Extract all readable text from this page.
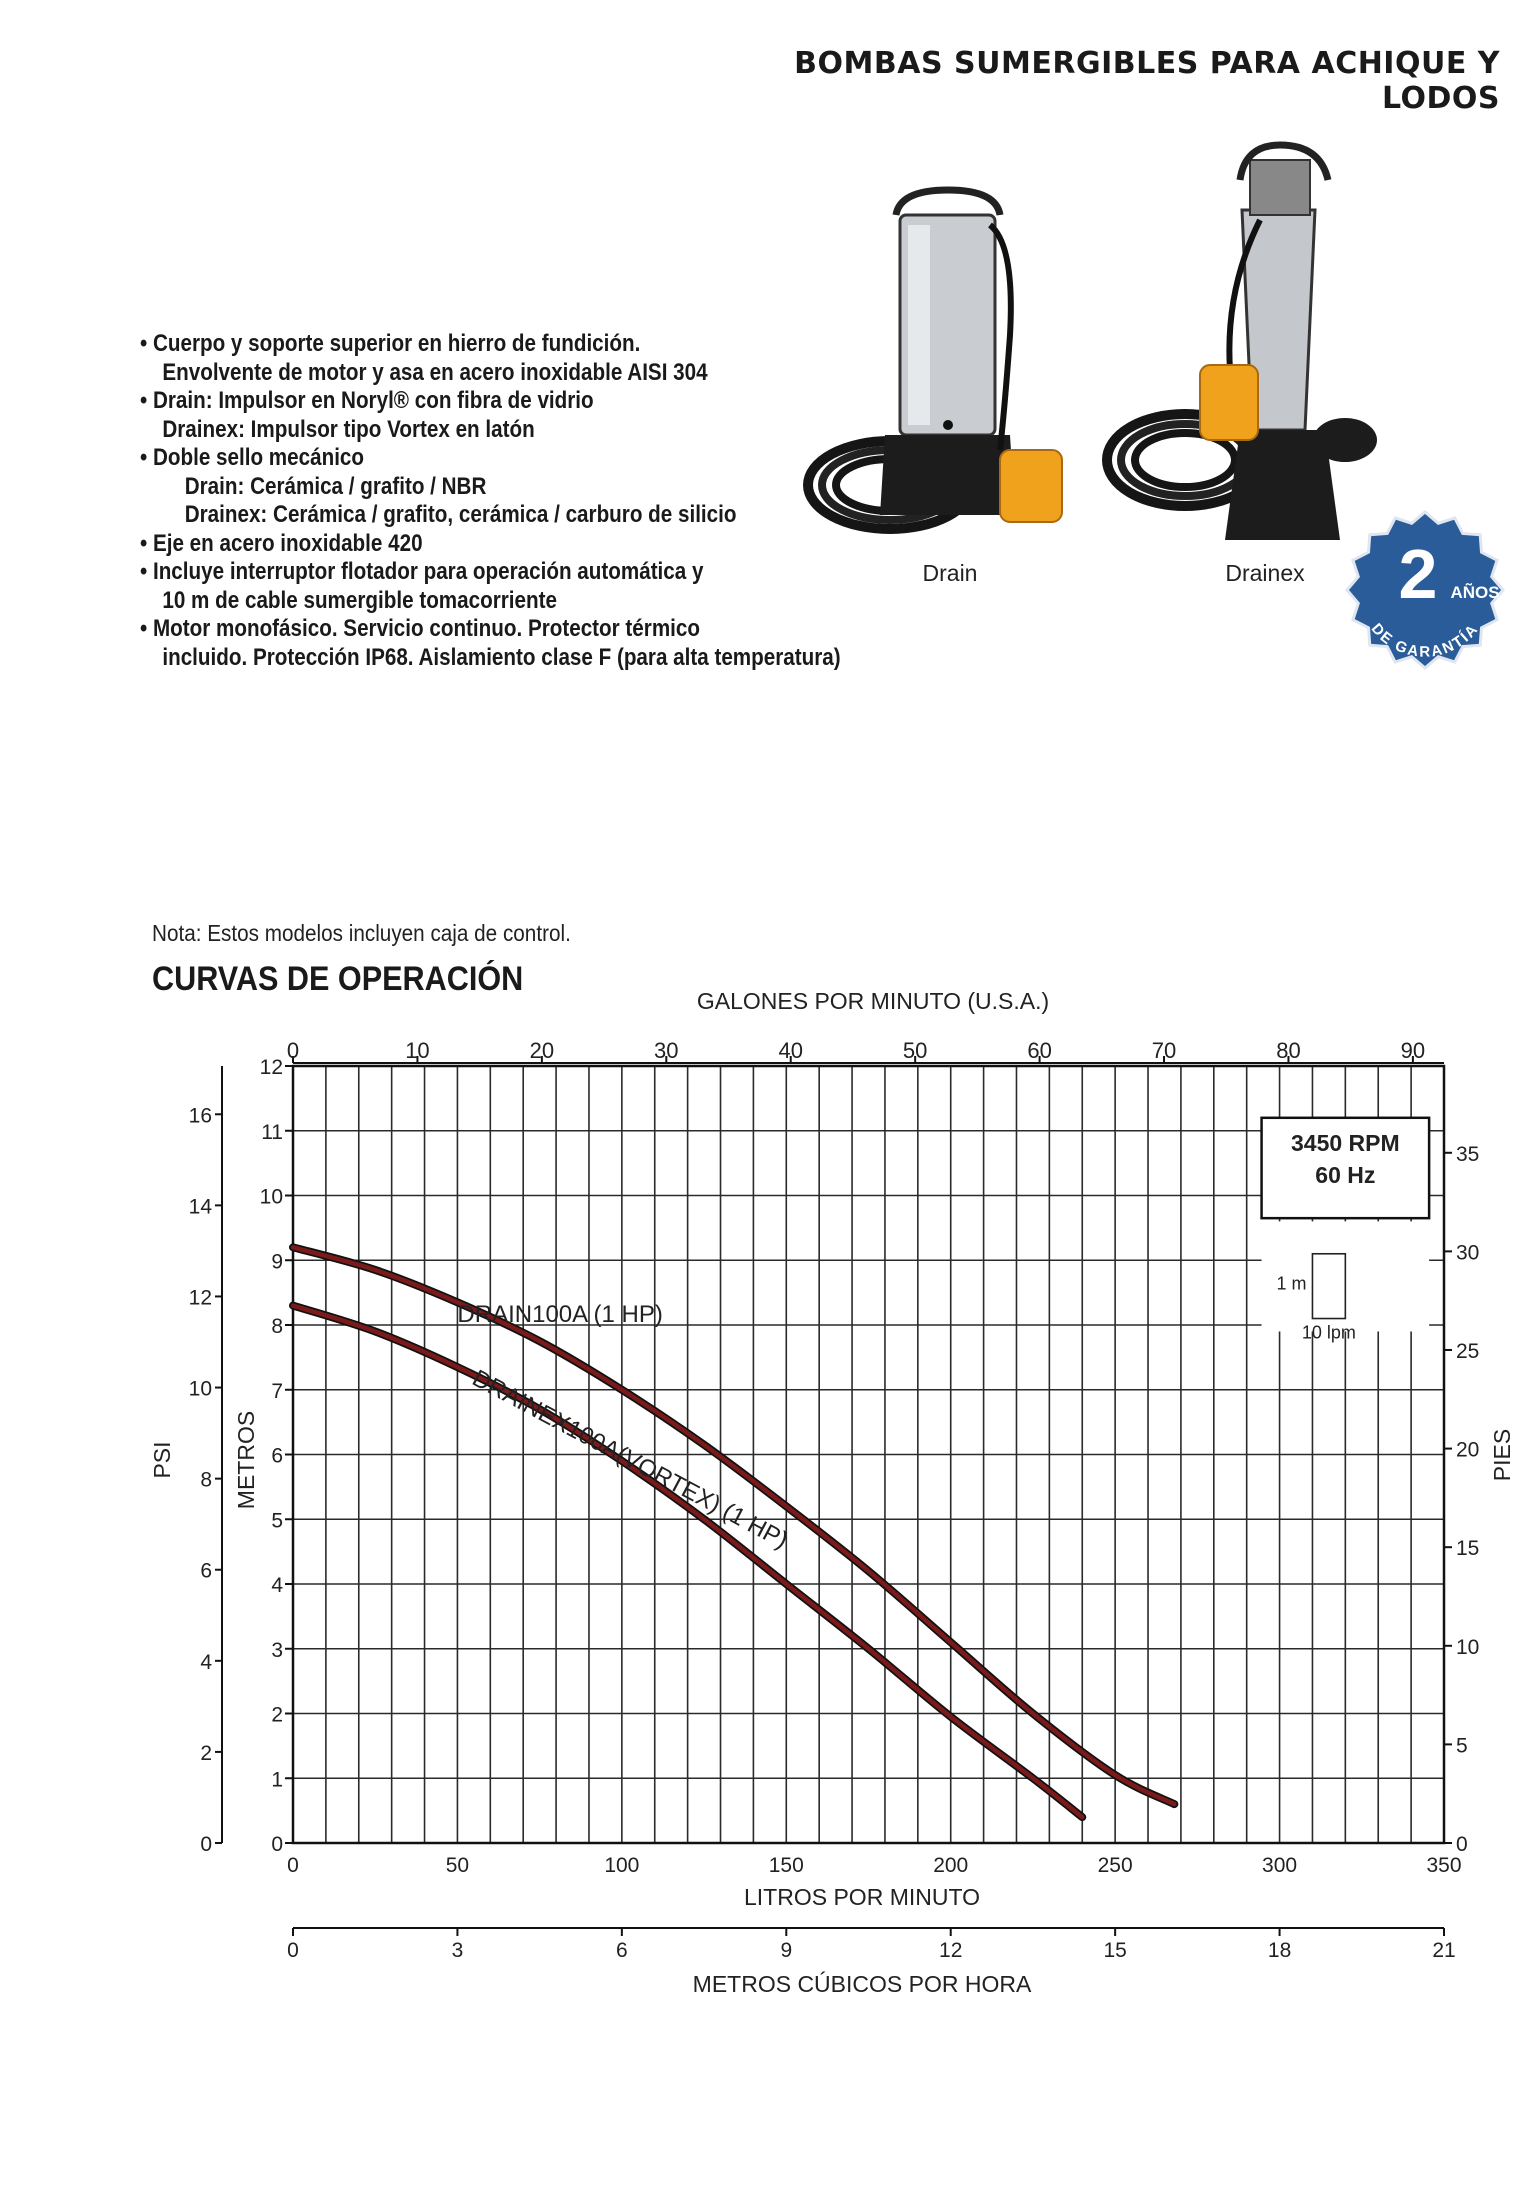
BOMBAS SUMERGIBLES PARA ACHIQUE Y LODOS
• Cuerpo y soporte superior en hierro de fundición.
Envolvente de motor y asa en acero inoxidable AISI 304
• Drain: Impulsor en Noryl® con fibra de vidrio
Drainex: Impulsor tipo Vortex en latón
• Doble sello mecánico
Drain: Cerámica / grafito / NBR
Drainex: Cerámica / grafito, cerámica / carburo de silicio
• Eje en acero inoxidable 420
• Incluye interruptor flotador para operación automática y
10 m de cable sumergible tomacorriente
• Motor monofásico. Servicio continuo. Protector térmico
incluido. Protección IP68. Aislamiento clase F (para alta temperatura)
Drain	Drainex	2 AÑOS
DE GARANTÍA
Nota: Estos modelos incluyen caja de control.
CURVAS DE OPERACIÓN
0	10	20	30	40	50	60	70	80	90
GALONES POR MINUTO (U.S.A.)
0
1
2
3
4
5
6
7
8
9
10
11
12
METROS
0
2
4
6
8
10
12
14
16
PSI
0
5
10
15
20
25
30
35
PIES
0	50	100	150	200	250	300	350
LITROS POR MINUTO
0	3	6	9	12	15	18	21
METROS CÚBICOS POR HORA
3450 RPM
60 Hz
1 m
10 lpm
DRAIN100A (1 HP)
DRAINEX100A(VORTEX) (1 HP)
